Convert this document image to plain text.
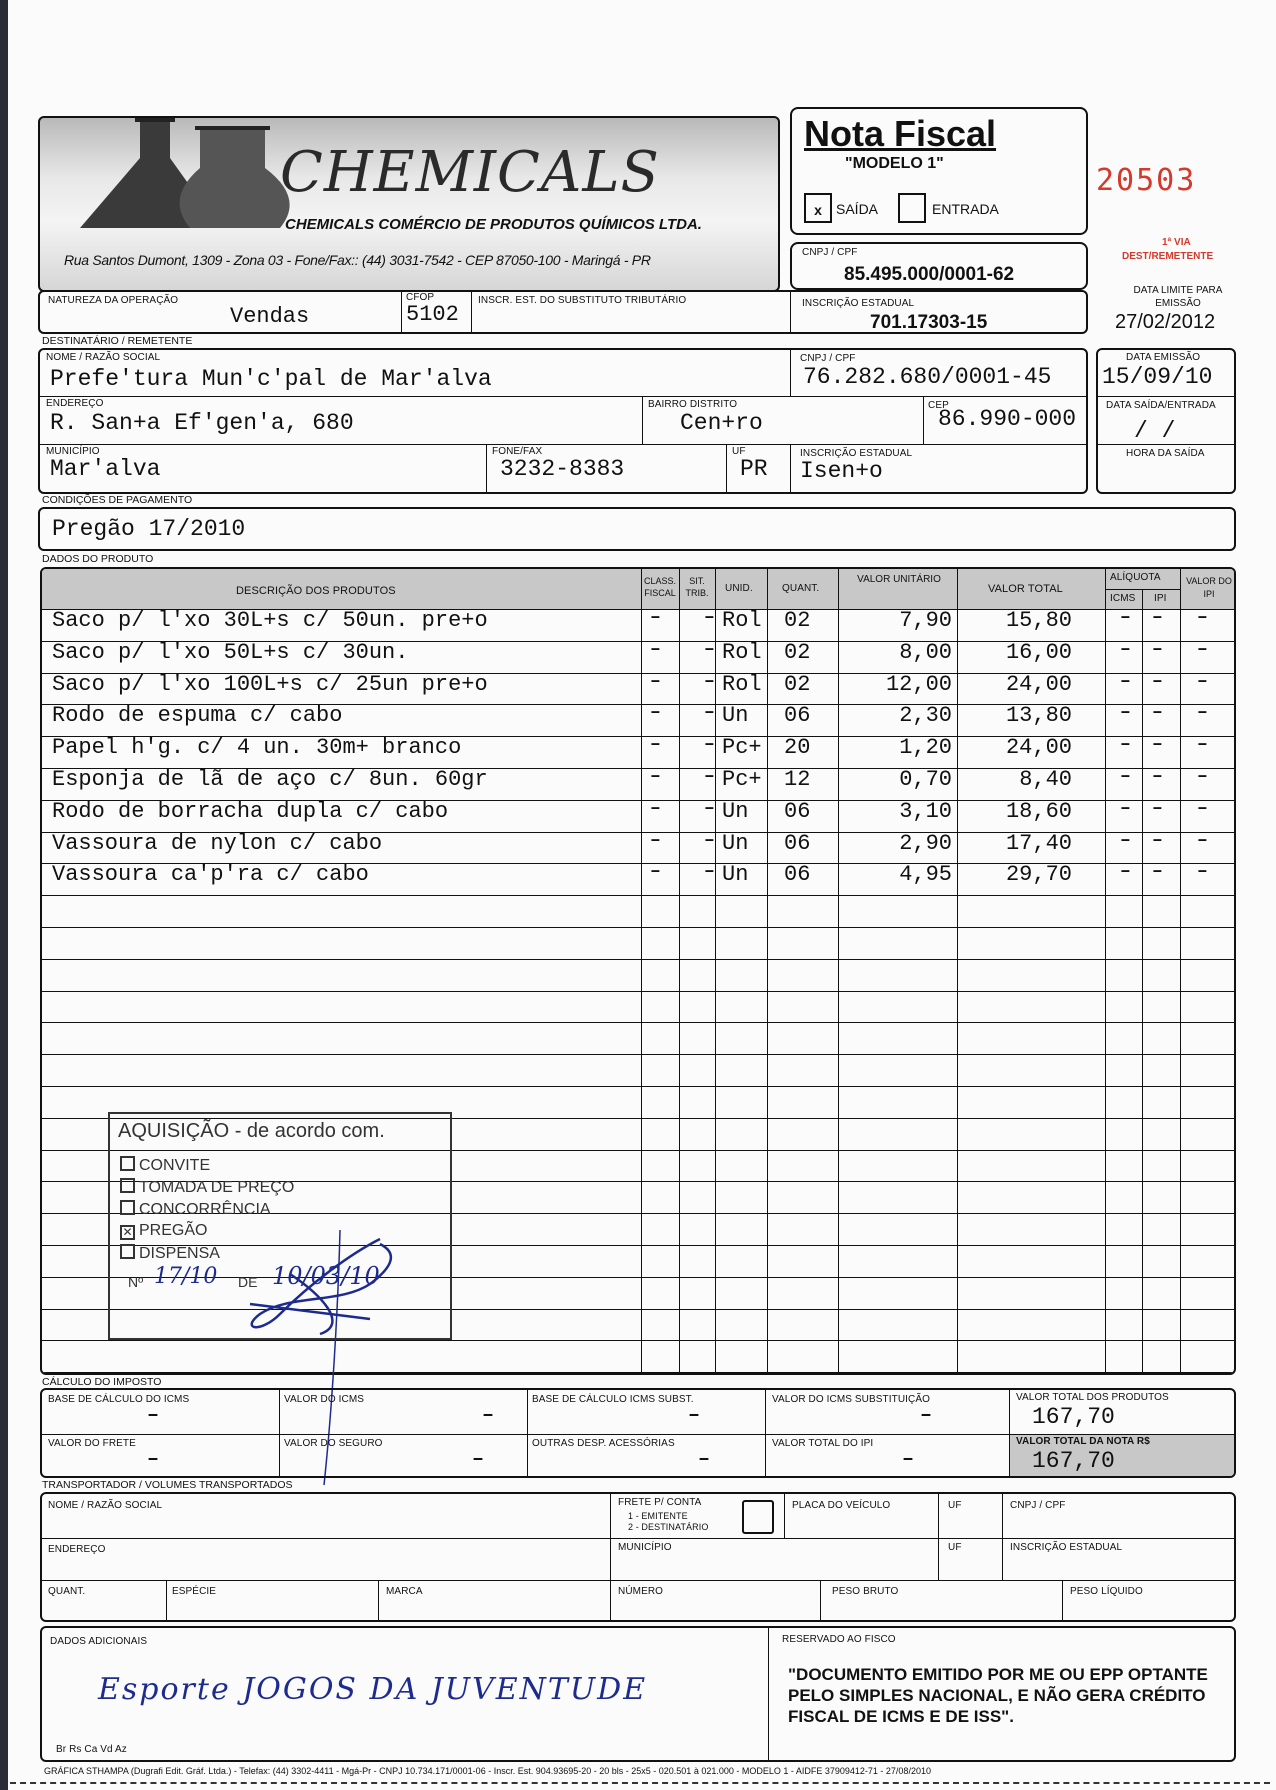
CHEMICALS
CHEMICALS COMÉRCIO DE PRODUTOS QUÍMICOS LTDA.
Rua Santos Dumont, 1309 - Zona 03 - Fone/Fax:: (44) 3031-7542 - CEP 87050-100 - Maringá - PR
Nota Fiscal
"MODELO 1"
x	SAÍDA	ENTRADA
20503
1ª VIA
DEST/REMETENTE
DATA LIMITE PARA EMISSÃO
27/02/2012
CNPJ / CPF
85.495.000/0001-62
NATUREZA DA OPERAÇÃO
Vendas
CFOP
5102
INSCR. EST. DO SUBSTITUTO TRIBUTÁRIO	INSCRIÇÃO ESTADUAL
701.17303-15
DESTINATÁRIO / REMETENTE
NOME / RAZÃO SOCIAL
Prefe'tura Mun'c'pal de Mar'alva
CNPJ / CPF
76.282.680/0001-45
ENDEREÇO
R. San+a Ef'gen'a, 680
BAIRRO DISTRITO
Cen+ro
CEP
86.990-000
MUNICÍPIO
Mar'alva
FONE/FAX
3232-8383
UF
PR
INSCRIÇÃO ESTADUAL
Isen+o
DATA EMISSÃO
15/09/10
DATA SAÍDA/ENTRADA
/ /
HORA DA SAÍDA
CONDIÇÕES DE PAGAMENTO
Pregão 17/2010
DADOS DO PRODUTO
DESCRIÇÃO DOS PRODUTOS
CLASS. FISCAL
SIT. TRIB.	UNID.	QUANT.
VALOR UNITÁRIO
VALOR TOTAL
ALÍQUOTA
ICMS IPI
VALOR DO IPI
Saco p/ l'xo 30L+s c/ 50un. pre+o	– – Rol 02	7,90	15,80	– – –
Saco p/ l'xo 50L+s c/ 30un.	– – Rol 02	8,00	16,00	– – –
Saco p/ l'xo 100L+s c/ 25un pre+o	– – Rol 02	12,00	24,00	– – –
Rodo de espuma c/ cabo	– – Un 06	2,30	13,80	– – –
Papel h'g. c/ 4 un. 30m+ branco	– – Pc+ 20	1,20	24,00	– – –
Esponja de lã de aço c/ 8un. 60gr	– – Pc+ 12	0,70	8,40	– – –
Rodo de borracha dupla c/ cabo	– – Un 06	3,10	18,60	– – –
Vassoura de nylon c/ cabo	– – Un 06	2,90	17,40	– – –
Vassoura ca'p'ra c/ cabo	– – Un 06	4,95	29,70	– – –
AQUISIÇÃO - de acordo com.
CONVITE
TOMADA DE PREÇO
CONCORRÊNCIA
✕ PREGÃO
DISPENSA
Nº 17/10 DE 10/03/10
CÁLCULO DO IMPOSTO
BASE DE CÁLCULO DO ICMS
–
VALOR DO ICMS
–
BASE DE CÁLCULO ICMS SUBST.
–
VALOR DO ICMS SUBSTITUIÇÃO
–
VALOR TOTAL DOS PRODUTOS
167,70
VALOR DO FRETE
–
VALOR DO SEGURO
–
OUTRAS DESP. ACESSÓRIAS
–
VALOR TOTAL DO IPI
–
VALOR TOTAL DA NOTA R$
167,70
TRANSPORTADOR / VOLUMES TRANSPORTADOS
NOME / RAZÃO SOCIAL	FRETE P/ CONTA
1 - EMITENTE
2 - DESTINATÁRIO
PLACA DO VEÍCULO	UF	CNPJ / CPF
ENDEREÇO	MUNICÍPIO	UF	INSCRIÇÃO ESTADUAL
QUANT.	ESPÉCIE	MARCA	NÚMERO	PESO BRUTO	PESO LÍQUIDO
DADOS ADICIONAIS
Esporte JOGOS DA JUVENTUDE
Br Rs Ca Vd Az
RESERVADO AO FISCO
"DOCUMENTO EMITIDO POR ME OU EPP OPTANTE PELO SIMPLES NACIONAL, E NÃO GERA CRÉDITO FISCAL DE ICMS E DE ISS".
GRÁFICA STHAMPA (Dugrafi Edit. Gráf. Ltda.) - Telefax: (44) 3302-4411 - Mgá-Pr - CNPJ 10.734.171/0001-06 - Inscr. Est. 904.93695-20 - 20 bls - 25x5 - 020.501 à 021.000 - MODELO 1 - AIDFE 37909412-71 - 27/08/2010
